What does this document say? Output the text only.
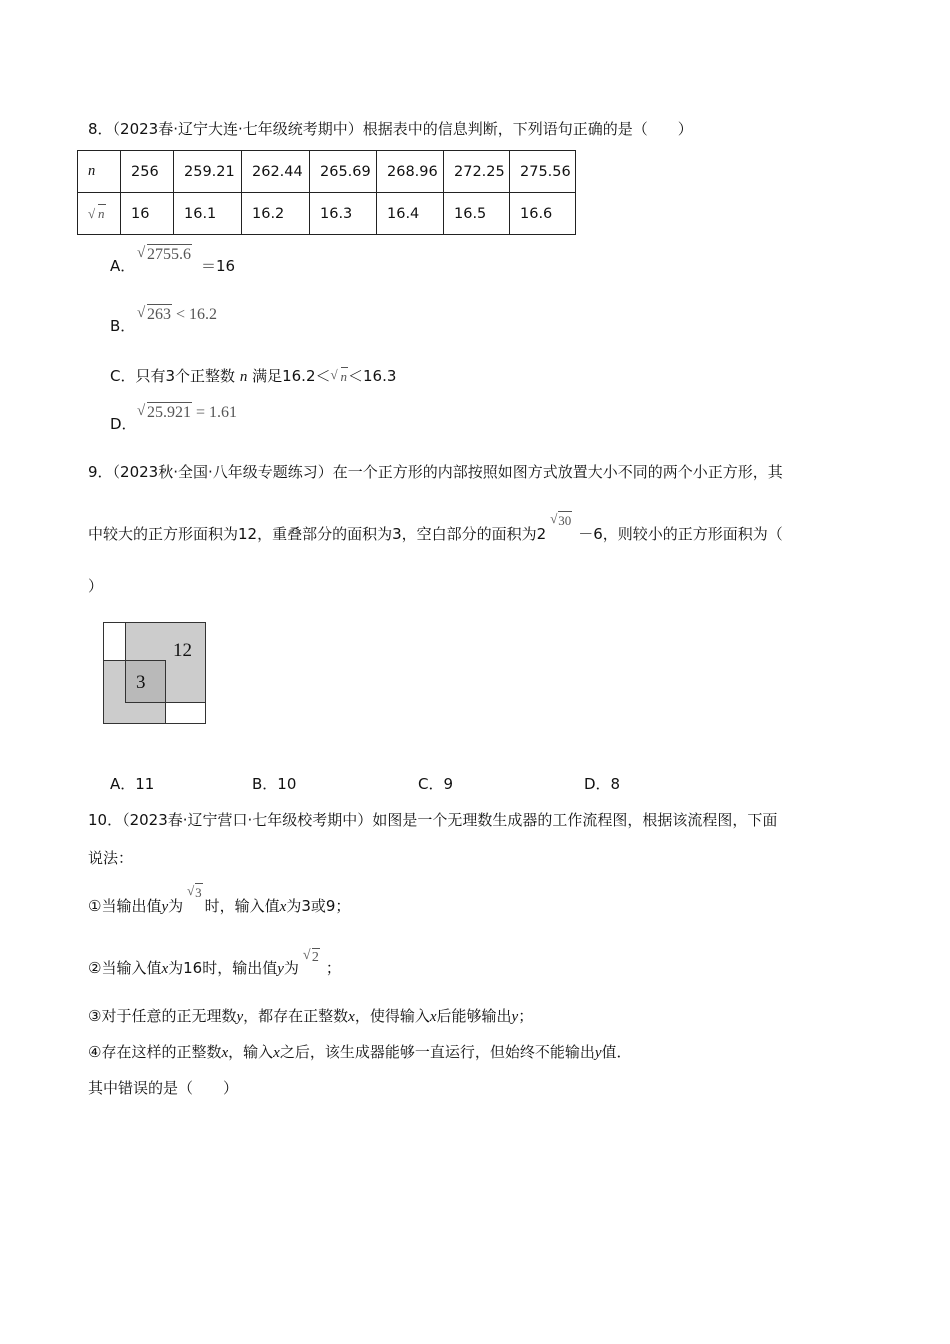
8．（2023春·辽宁大连·七年级统考期中）根据表中的信息判断，下列语句正确的是（　　）
n	256	259.21	262.44	265.69	268.96	272.25	275.56

√ n	16	16.1	16.2	16.3	16.4	16.5	16.6
A．
√ 2755.6
＝16
B．
√ 263 < 16.2
C．只有3个正整数 n 满足16.2＜ √ n＜16.3
D．
√ 25.921 = 1.61
9．（2023秋·全国·八年级专题练习）在一个正方形的内部按照如图方式放置大小不同的两个小正方形，其
中较大的正方形面积为12，重叠部分的面积为3，空白部分的面积为2
√ 30－6，则较小的正方形面积为（
）
12
3
A．11	B．10	C．9	D．8
10．（2023春·辽宁营口·七年级校考期中）如图是一个无理数生成器的工作流程图，根据该流程图，下面
说法：
①当输出值y为
√ 3时，输入值x为3或9；
②当输入值x为16时，输出值y为
√ 2；
③对于任意的正无理数y，都存在正整数x，使得输入x后能够输出y；
④存在这样的正整数x，输入x之后，该生成器能够一直运行，但始终不能输出y值．
其中错误的是（　　）
